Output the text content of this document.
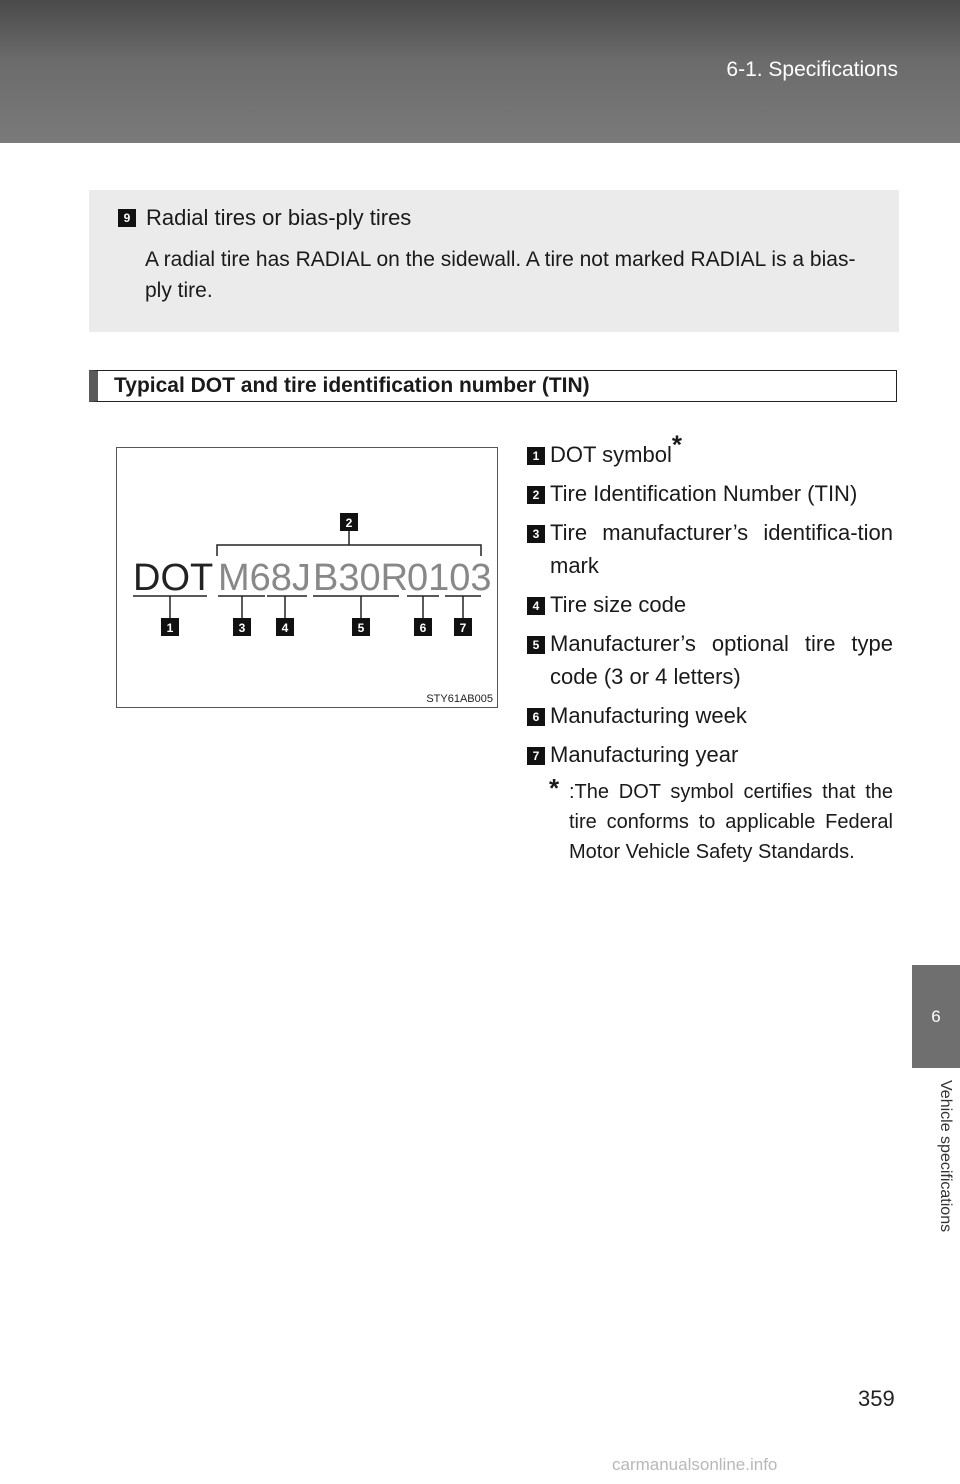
6-1. Specifications
6
Vehicle specifications
9 Radial tires or bias-ply tires
A radial tire has RADIAL on the sidewall. A tire not marked RADIAL is a bias-ply tire.
Typical DOT and tire identification number (TIN)
2
DOT M68J B30R
0103
1	3	4	5	6	7
STY61AB005
1 DOT symbol*
2 Tire Identification Number (TIN)
3 Tire manufacturer’s identifica-tion mark
4 Tire size code
5 Manufacturer’s optional tire type code (3 or 4 letters)
6 Manufacturing week
7 Manufacturing year
* :The DOT symbol certifies that the tire conforms to applicable Federal Motor Vehicle Safety Standards.
359
carmanualsonline.info
